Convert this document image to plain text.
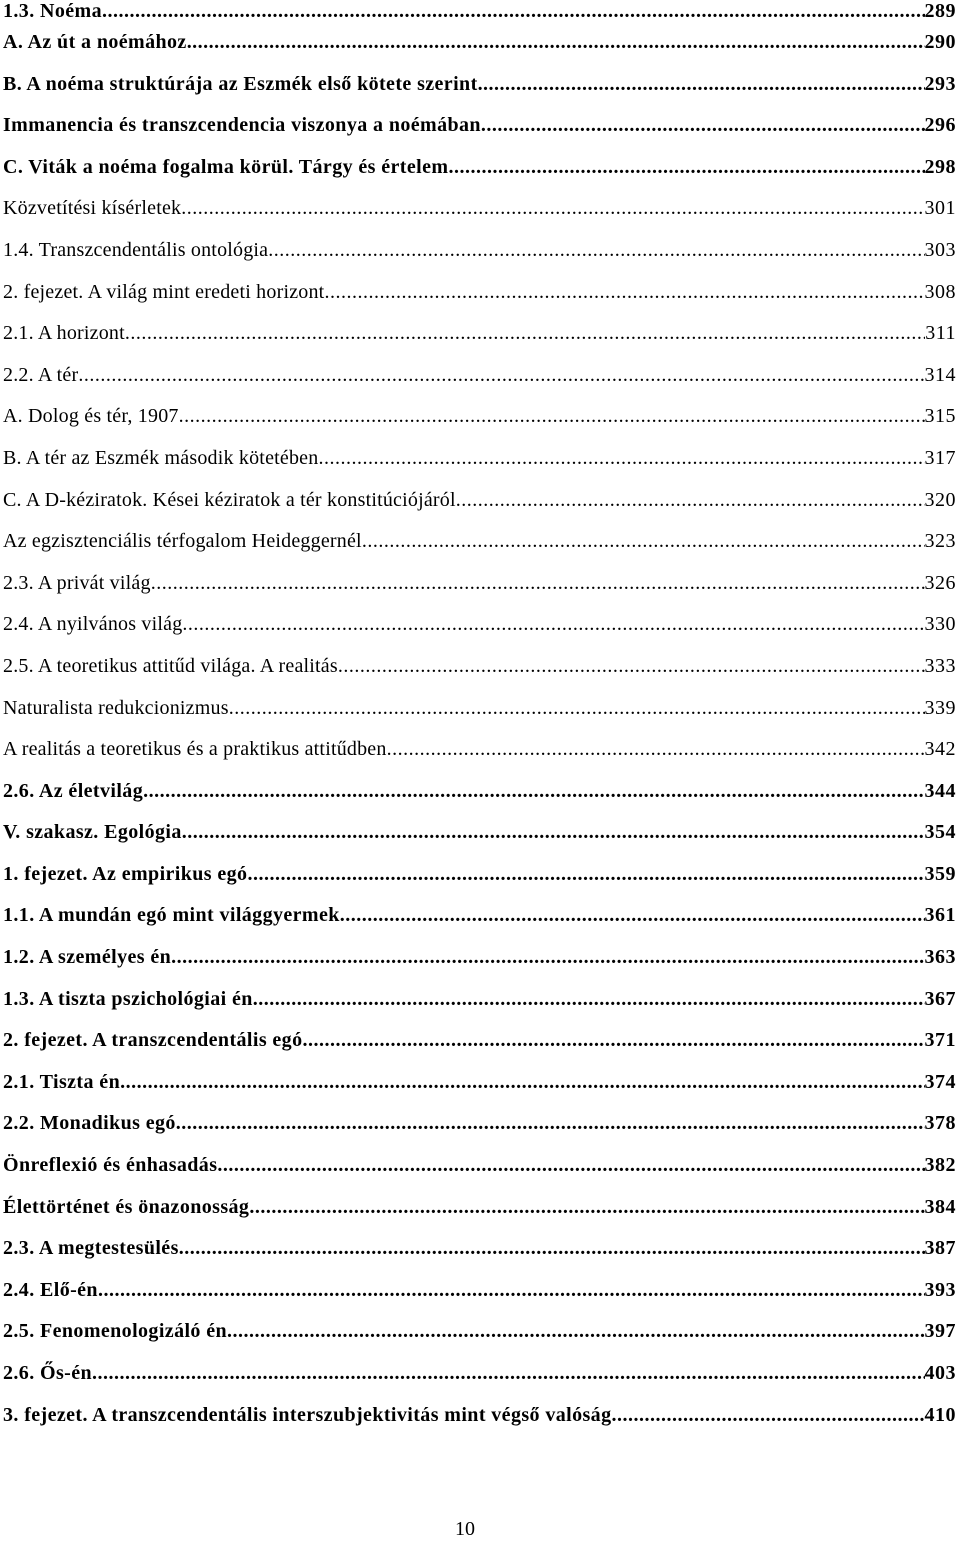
1.3. Noéma .....	289
A. Az út a noémához. .....	290
B. A noéma struktúrája az Eszmék első kötete szerint. .....	293
Immanencia és transzcendencia viszonya a noémában. .....	296
C. Viták a noéma fogalma körül. Tárgy és értelem .....	298
Közvetítési kísérletek .....	301
1.4. Transzcendentális ontológia .....	303
2. fejezet. A világ mint eredeti horizont .....	308
2.1. A horizont .....	311
2.2. A tér .....	314
A. Dolog és tér, 1907 .....	315
B. A tér az Eszmék második kötetében .....	317
C. A D-kéziratok. Kései kéziratok a tér konstitúciójáról .....	320
Az egzisztenciális térfogalom Heideggernél .....	323
2.3. A privát világ .....	326
2.4. A nyilvános világ .....	330
2.5. A teoretikus attitűd világa. A realitás .....	333
Naturalista redukcionizmus .....	339
A realitás a teoretikus és a praktikus attitűdben .....	342
2.6. Az életvilág .....	344
V. szakasz. Egológia .....	354
1. fejezet. Az empirikus egó .....	359
1.1. A mundán egó mint világgyermek .....	361
1.2. A személyes én .....	363
1.3. A tiszta pszichológiai én .....	367
2. fejezet. A transzcendentális egó .....	371
2.1. Tiszta én .....	374
2.2. Monadikus egó .....	378
Önreflexió és énhasadás .....	382
Élettörténet és önazonosság .....	384
2.3. A megtestesülés .....	387
2.4. Elő-én .....	393
2.5. Fenomenologizáló én .....	397
2.6. Ős-én .....	403
3. fejezet. A transzcendentális interszubjektivitás mint végső valóság .....	410
10
